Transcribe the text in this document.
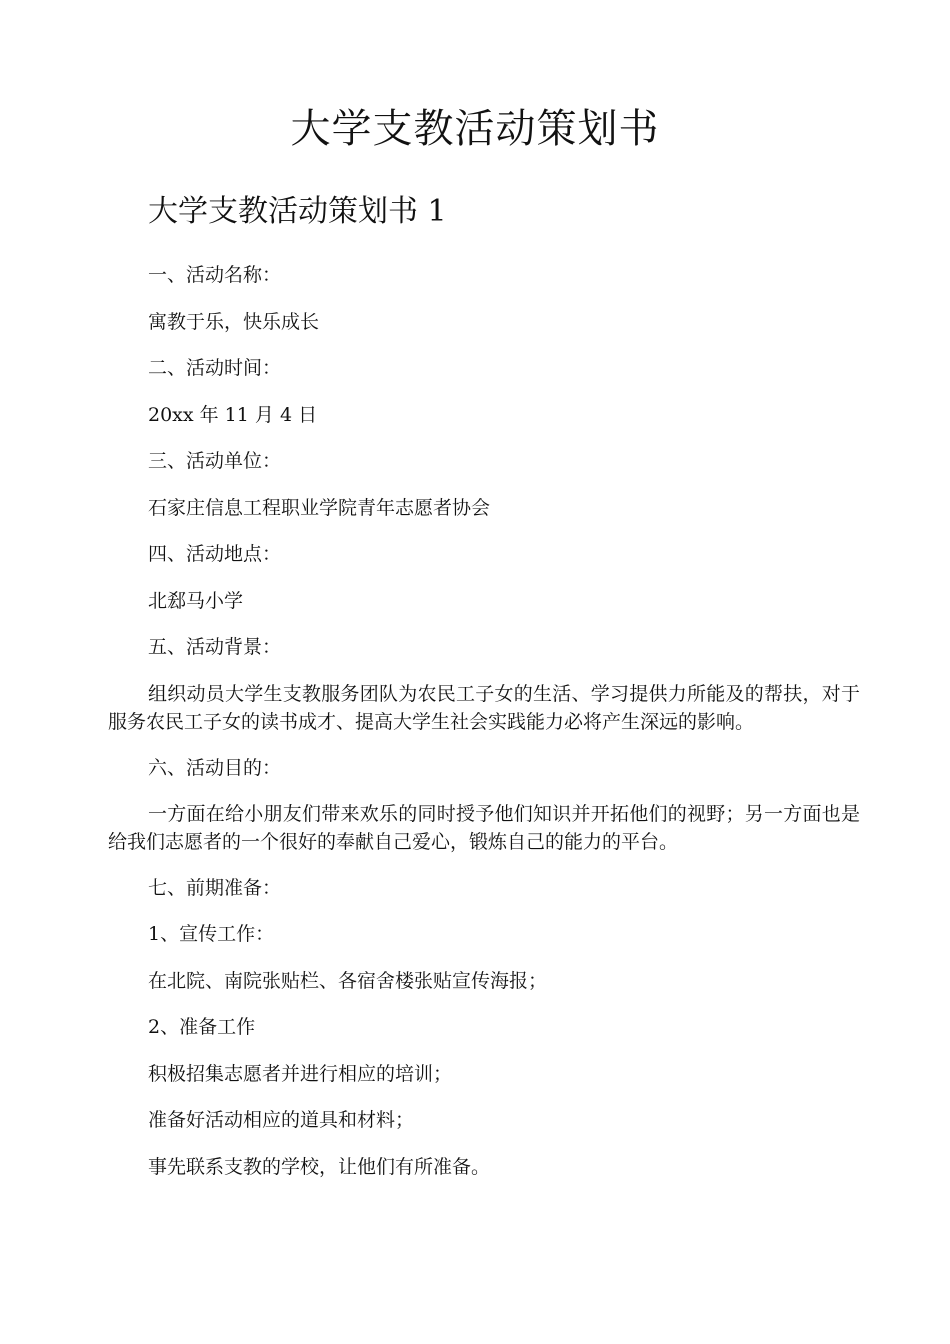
大学支教活动策划书
大学支教活动策划书 1
一、活动名称：
寓教于乐，快乐成长
二、活动时间：
20xx 年 11 月 4 日
三、活动单位：
石家庄信息工程职业学院青年志愿者协会
四、活动地点：
北郄马小学
五、活动背景：
组织动员大学生支教服务团队为农民工子女的生活、学习提供力所能及的帮扶，对于服务农民工子女的读书成才、提高大学生社会实践能力必将产生深远的影响。
六、活动目的：
一方面在给小朋友们带来欢乐的同时授予他们知识并开拓他们的视野；另一方面也是给我们志愿者的一个很好的奉献自己爱心，锻炼自己的能力的平台。
七、前期准备：
1、宣传工作：
在北院、南院张贴栏、各宿舍楼张贴宣传海报；
2、准备工作
积极招集志愿者并进行相应的培训；
准备好活动相应的道具和材料；
事先联系支教的学校，让他们有所准备。
